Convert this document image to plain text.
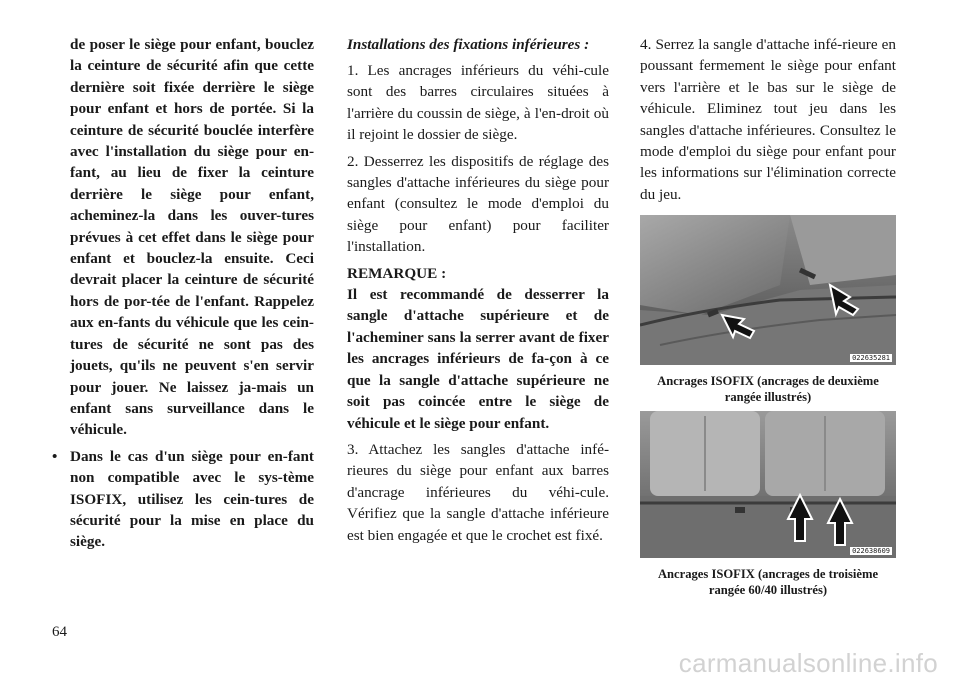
de poser le siège pour enfant, bouclez la ceinture de sécurité afin que cette dernière soit fixée derrière le siège pour enfant et hors de portée. Si la ceinture de sécurité bouclée interfère avec l'installation du siège pour en-fant, au lieu de fixer la ceinture derrière le siège pour enfant, acheminez-la dans les ouver-tures prévues à cet effet dans le siège pour enfant et bouclez-la ensuite. Ceci devrait placer la ceinture de sécurité hors de por-tée de l'enfant. Rappelez aux en-fants du véhicule que les cein-tures de sécurité ne sont pas des jouets, qu'ils ne peuvent s'en servir pour jouer. Ne laissez ja-mais un enfant sans surveillance dans le véhicule.

• Dans le cas d'un siège pour en-fant non compatible avec le sys-tème ISOFIX, utilisez les cein-tures de sécurité pour la mise en place du siège.

Installations des fixations inférieures :

1. Les ancrages inférieurs du véhi-cule sont des barres circulaires situées à l'arrière du coussin de siège, à l'en-droit où il rejoint le dossier de siège.

2. Desserrez les dispositifs de réglage des sangles d'attache inférieures du siège pour enfant (consultez le mode d'emploi du siège pour enfant) pour faciliter l'installation.

REMARQUE :

Il est recommandé de desserrer la sangle d'attache supérieure et de l'acheminer sans la serrer avant de fixer les ancrages inférieurs de fa-çon à ce que la sangle d'attache supérieure ne soit pas coincée entre le siège de véhicule et le siège pour enfant.

3. Attachez les sangles d'attache infé-rieures du siège pour enfant aux barres d'ancrage inférieures du véhi-cule. Vérifiez que la sangle d'attache inférieure est bien engagée et que le crochet est fixé.

4. Serrez la sangle d'attache infé-rieure en poussant fermement le siège pour enfant vers l'arrière et le bas sur le siège de véhicule. Eliminez tout jeu dans les sangles d'attache inférieures. Consultez le mode d'emploi du siège pour enfant pour les informations sur l'élimination correcte du jeu.

022635281

Ancrages ISOFIX (ancrages de deuxième rangée illustrés)

022638609

Ancrages ISOFIX (ancrages de troisième rangée 60/40 illustrés)

64
carmanualsonline.info
